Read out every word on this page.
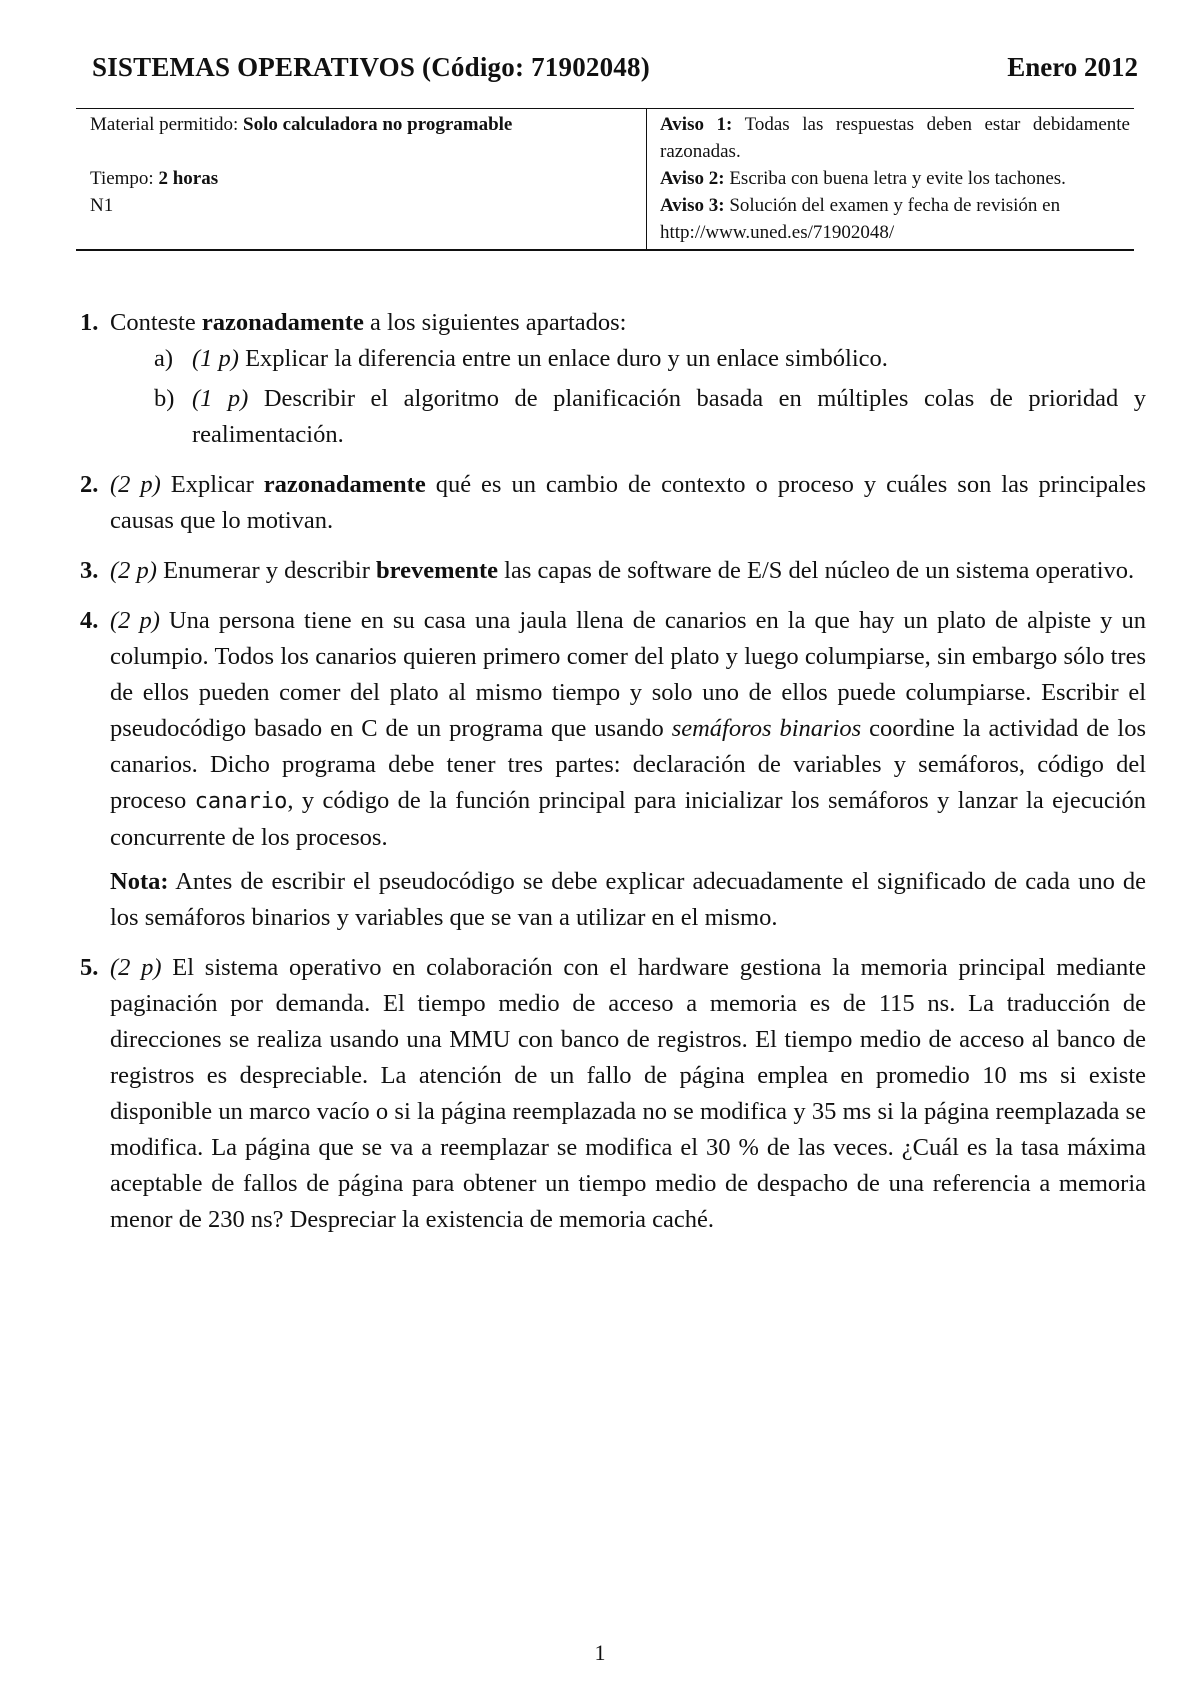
SISTEMAS OPERATIVOS (Código: 71902048)	Enero 2012
Material permitido: Solo calculadora no programable
Tiempo: 2 horas
N1
Aviso 1: Todas las respuestas deben estar debidamente razonadas.
Aviso 2: Escriba con buena letra y evite los tachones.
Aviso 3: Solución del examen y fecha de revisión en http://www.uned.es/71902048/
1. Conteste razonadamente a los siguientes apartados:

a) (1 p) Explicar la diferencia entre un enlace duro y un enlace simbólico.
b) (1 p) Describir el algoritmo de planificación basada en múltiples colas de prioridad y realimentación.
2. (2 p) Explicar razonadamente qué es un cambio de contexto o proceso y cuáles son las principales causas que lo motivan.

3. (2 p) Enumerar y describir brevemente las capas de software de E/S del núcleo de un sistema operativo.

4. (2 p) Una persona tiene en su casa una jaula llena de canarios en la que hay un plato de alpiste y un columpio. Todos los canarios quieren primero comer del plato y luego columpiarse, sin embargo sólo tres de ellos pueden comer del plato al mismo tiempo y solo uno de ellos puede columpiarse. Escribir el pseudocódigo basado en C de un programa que usando semáforos binarios coordine la actividad de los canarios. Dicho programa debe tener tres partes: declaración de variables y semáforos, código del proceso canario, y código de la función principal para inicializar los semáforos y lanzar la ejecución concurrente de los procesos.

Nota: Antes de escribir el pseudocódigo se debe explicar adecuadamente el significado de cada uno de los semáforos binarios y variables que se van a utilizar en el mismo.

5. (2 p) El sistema operativo en colaboración con el hardware gestiona la memoria principal mediante paginación por demanda. El tiempo medio de acceso a memoria es de 115 ns. La traducción de direcciones se realiza usando una MMU con banco de registros. El tiempo medio de acceso al banco de registros es despreciable. La atención de un fallo de página emplea en promedio 10 ms si existe disponible un marco vacío o si la página reemplazada no se modifica y 35 ms si la página reemplazada se modifica. La página que se va a reemplazar se modifica el 30 % de las veces. ¿Cuál es la tasa máxima aceptable de fallos de página para obtener un tiempo medio de despacho de una referencia a memoria menor de 230 ns? Despreciar la existencia de memoria caché.

1
